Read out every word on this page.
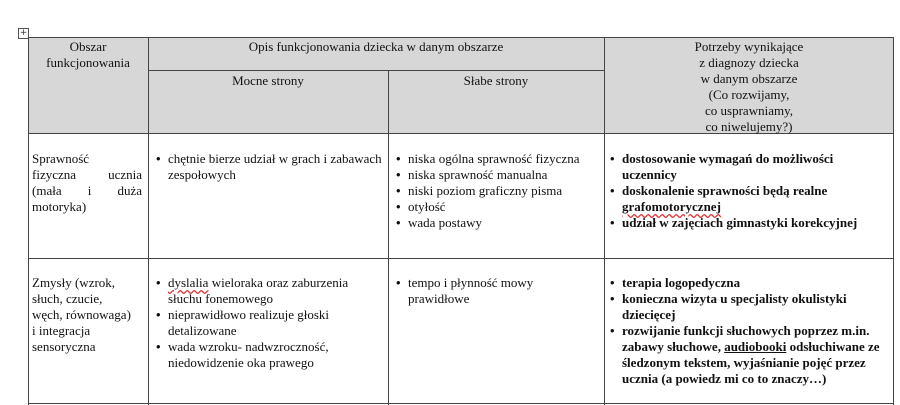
+
Obszar funkcjonowania
Opis funkcjonowania dziecka w danym obszarze
Mocne strony	Słabe strony
Potrzeby wynikające
z diagnozy dziecka
w danym obszarze
(Co rozwijamy,
co usprawniamy,
co niwelujemy?)
Sprawność
fizyczna ucznia
(mała i duża
motoryka)
• chętnie bierze udział w grach i zabawach zespołowych
• niska ogólna sprawność fizyczna
• niska sprawność manualna
• niski poziom graficzny pisma
• otyłość
• wada postawy
• dostosowanie wymagań do możliwości uczennicy
• doskonalenie sprawności będą realne
grafomotorycznej
• udział w zajęciach gimnastyki korekcyjnej
Zmysły (wzrok,
słuch, czucie,
węch, równowaga)
i integracja
sensoryczna
• dyslalia wieloraka oraz zaburzenia słuchu fonemowego
• nieprawidłowo realizuje głoski detalizowane
• wada wzroku- nadwzroczność, niedowidzenie oka prawego
• tempo i płynność mowy prawidłowe
• terapia logopedyczna
• konieczna wizyta u specjalisty okulistyki dziecięcej
• rozwijanie funkcji słuchowych poprzez m.in. zabawy słuchowe, audiobooki odsłuchiwane ze śledzonym tekstem, wyjaśnianie pojęć przez ucznia (a powiedz mi co to znaczy…)
